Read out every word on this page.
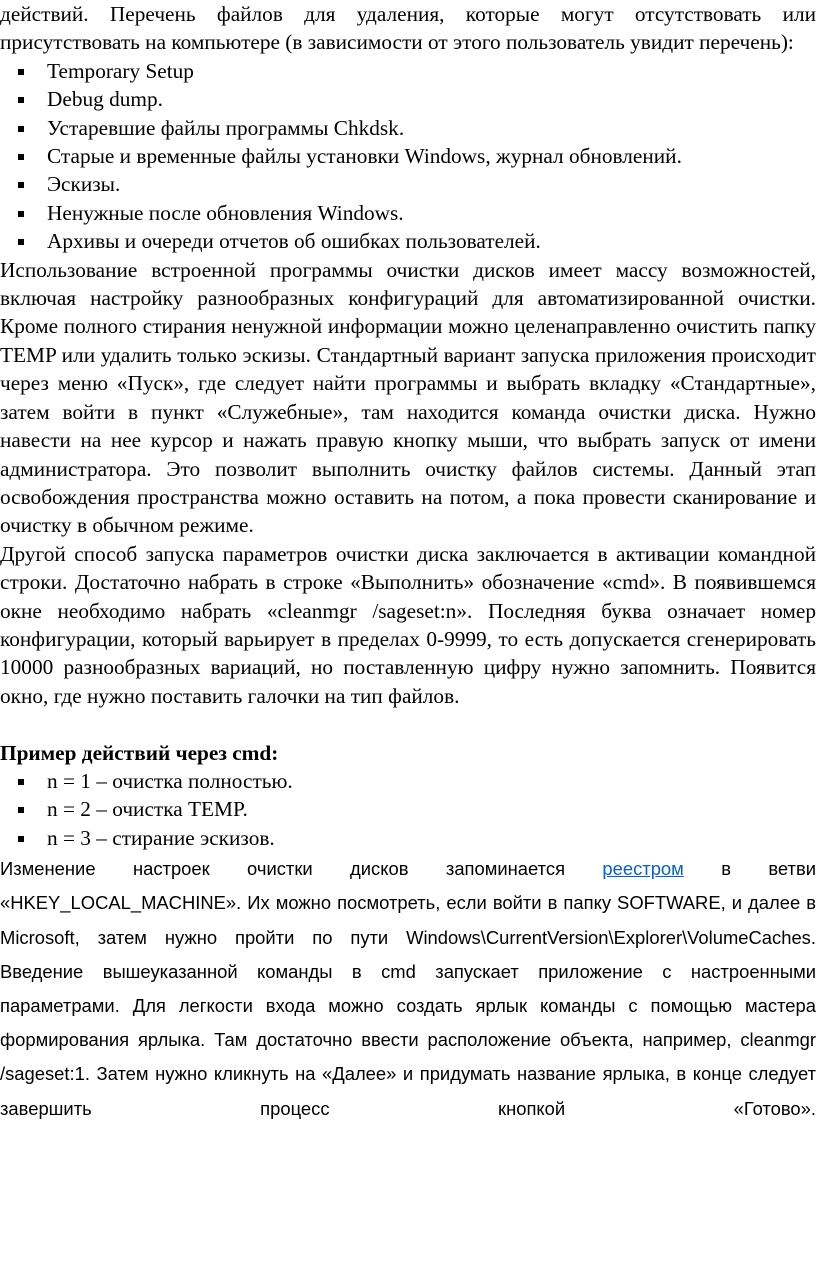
действий. Перечень файлов для удаления, которые могут отсутствовать или присутствовать на компьютере (в зависимости от этого пользователь увидит перечень):

Temporary Setup
Debug dump.
Устаревшие файлы программы Chkdsk.
Старые и временные файлы установки Windows, журнал обновлений.
Эскизы.
Ненужные после обновления Windows.
Архивы и очереди отчетов об ошибках пользователей.

Использование встроенной программы очистки дисков имеет массу возможностей, включая настройку разнообразных конфигураций для автоматизированной очистки. Кроме полного стирания ненужной информации можно целенаправленно очистить папку TEMP или удалить только эскизы. Стандартный вариант запуска приложения происходит через меню «Пуск», где следует найти программы и выбрать вкладку «Стандартные», затем войти в пункт «Служебные», там находится команда очистки диска. Нужно навести на нее курсор и нажать правую кнопку мыши, что выбрать запуск от имени администратора. Это позволит выполнить очистку файлов системы. Данный этап освобождения пространства можно оставить на потом, а пока провести сканирование и очистку в обычном режиме.

Другой способ запуска параметров очистки диска заключается в активации командной строки. Достаточно набрать в строке «Выполнить» обозначение «cmd». В появившемся окне необходимо набрать «cleanmgr /sageset:n». Последняя буква означает номер конфигурации, который варьирует в пределах 0-9999, то есть допускается сгенерировать 10000 разнообразных вариаций, но поставленную цифру нужно запомнить. Появится окно, где нужно поставить галочки на тип файлов.

Пример действий через cmd:
n = 1 – очистка полностью.
n = 2 – очистка TEMP.
n = 3 – стирание эскизов.

Изменение настроек очистки дисков запоминается реестром в ветви «HKEY_LOCAL_MACHINE». Их можно посмотреть, если войти в папку SOFTWARE, и далее в Microsoft, затем нужно пройти по пути Windows\CurrentVersion\Explorer\VolumeCaches. Введение вышеуказанной команды в cmd запускает приложение с настроенными параметрами. Для легкости входа можно создать ярлык команды с помощью мастера формирования ярлыка. Там достаточно ввести расположение объекта, например, cleanmgr /sageset:1. Затем нужно кликнуть на «Далее» и придумать название ярлыка, в конце следует завершить процесс кнопкой «Готово».
